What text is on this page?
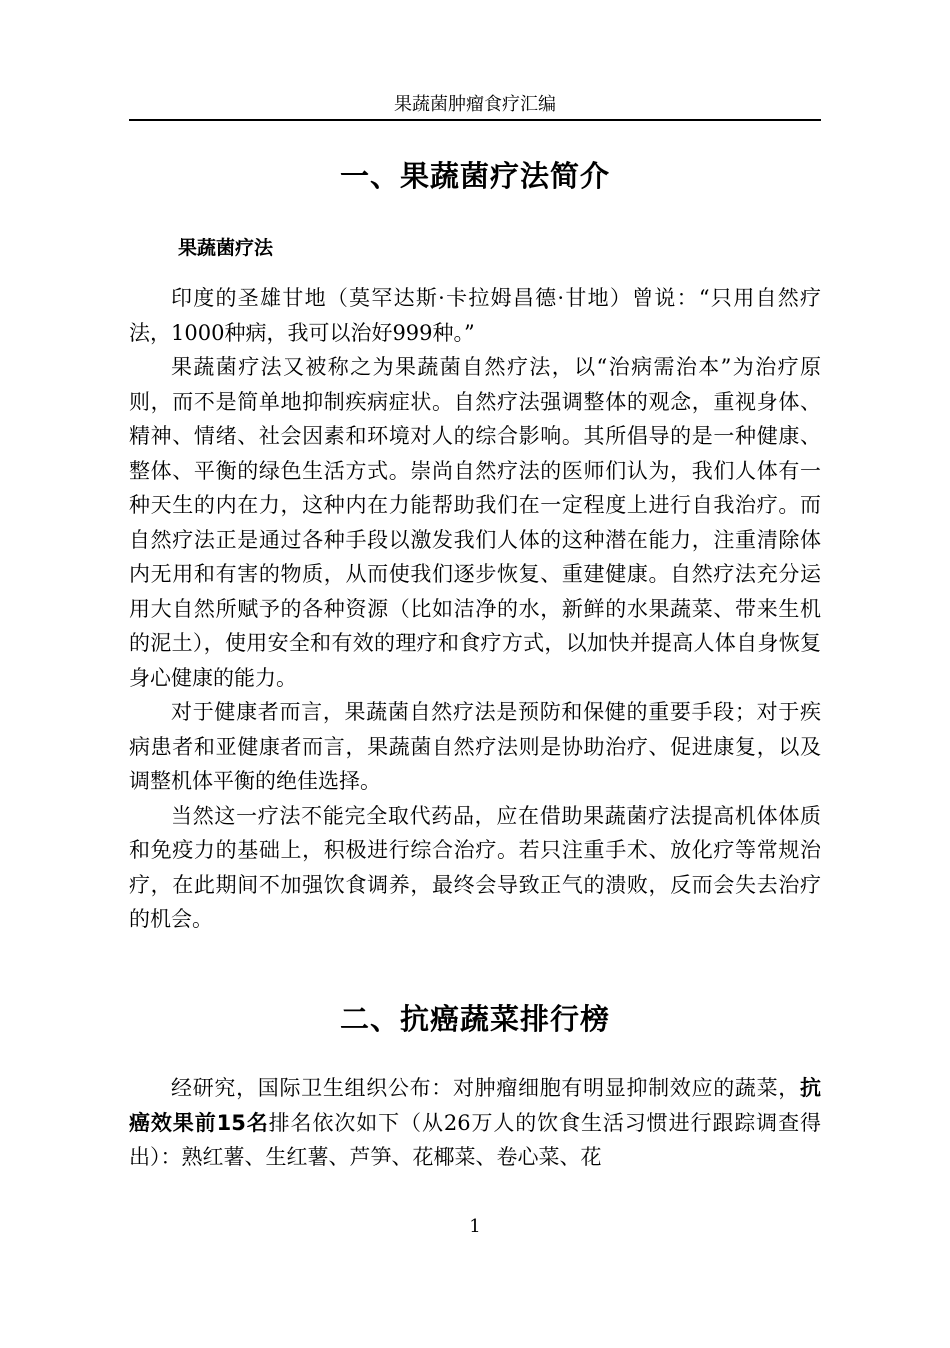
果蔬菌肿瘤食疗汇编
一、果蔬菌疗法简介
果蔬菌疗法

印度的圣雄甘地（莫罕达斯·卡拉姆昌德·甘地）曾说：“只用自然疗法，1000种病，我可以治好999种。”

果蔬菌疗法又被称之为果蔬菌自然疗法，以“治病需治本”为治疗原则，而不是简单地抑制疾病症状。自然疗法强调整体的观念，重视身体、精神、情绪、社会因素和环境对人的综合影响。其所倡导的是一种健康、整体、平衡的绿色生活方式。崇尚自然疗法的医师们认为，我们人体有一种天生的内在力，这种内在力能帮助我们在一定程度上进行自我治疗。而自然疗法正是通过各种手段以激发我们人体的这种潜在能力，注重清除体内无用和有害的物质，从而使我们逐步恢复、重建健康。自然疗法充分运用大自然所赋予的各种资源（比如洁净的水，新鲜的水果蔬菜、带来生机的泥土），使用安全和有效的理疗和食疗方式，以加快并提高人体自身恢复身心健康的能力。

对于健康者而言，果蔬菌自然疗法是预防和保健的重要手段；对于疾病患者和亚健康者而言，果蔬菌自然疗法则是协助治疗、促进康复，以及调整机体平衡的绝佳选择。

当然这一疗法不能完全取代药品，应在借助果蔬菌疗法提高机体体质和免疫力的基础上，积极进行综合治疗。若只注重手术、放化疗等常规治疗，在此期间不加强饮食调养，最终会导致正气的溃败，反而会失去治疗的机会。

二、抗癌蔬菜排行榜

经研究，国际卫生组织公布：对肿瘤细胞有明显抑制效应的蔬菜，抗癌效果前15名排名依次如下（从26万人的饮食生活习惯进行跟踪调查得出）：熟红薯、生红薯、芦笋、花椰菜、卷心菜、花

1
